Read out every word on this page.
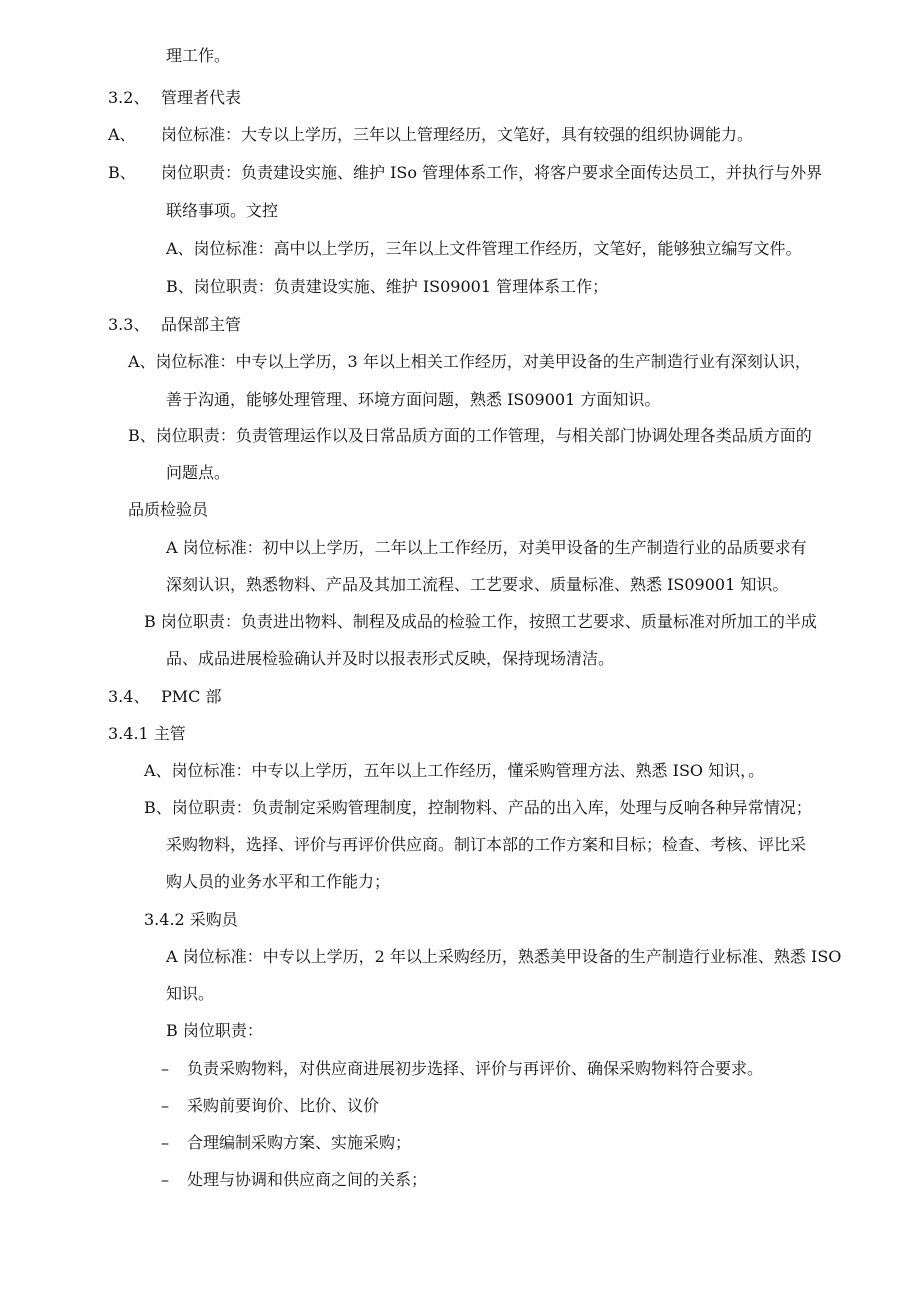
理工作。
3.2、 管理者代表
A、 岗位标准：大专以上学历，三年以上管理经历，文笔好，具有较强的组织协调能力。
B、 岗位职责：负责建设实施、维护 ISo 管理体系工作，将客户要求全面传达员工，并执行与外界
联络事项。文控
A、岗位标准：高中以上学历，三年以上文件管理工作经历，文笔好，能够独立编写文件。
B、岗位职责：负责建设实施、维护 IS09001 管理体系工作；
3.3、 品保部主管
A、岗位标准：中专以上学历，3 年以上相关工作经历，对美甲设备的生产制造行业有深刻认识，
善于沟通，能够处理管理、环境方面问题，熟悉 IS09001 方面知识。
B、岗位职责：负责管理运作以及日常品质方面的工作管理，与相关部门协调处理各类品质方面的
问题点。
品质检验员
A 岗位标准：初中以上学历，二年以上工作经历，对美甲设备的生产制造行业的品质要求有
深刻认识，熟悉物料、产品及其加工流程、工艺要求、质量标准、熟悉 IS09001 知识。
B 岗位职责：负责进出物料、制程及成品的检验工作，按照工艺要求、质量标准对所加工的半成
品、成品进展检验确认并及时以报表形式反映，保持现场清洁。
3.4、 PMC 部
3.4.1 主管
A、岗位标准：中专以上学历，五年以上工作经历，懂采购管理方法、熟悉 ISO 知识，。
B、岗位职责：负责制定采购管理制度，控制物料、产品的出入库，处理与反响各种异常情况；
采购物料，选择、评价与再评价供应商。制订本部的工作方案和目标；检查、考核、评比采
购人员的业务水平和工作能力；
3.4.2 采购员
A 岗位标准：中专以上学历，2 年以上采购经历，熟悉美甲设备的生产制造行业标准、熟悉 ISO
知识。
B 岗位职责：
– 负责采购物料，对供应商进展初步选择、评价与再评价、确保采购物料符合要求。
– 采购前要询价、比价、议价
– 合理编制采购方案、实施采购；
– 处理与协调和供应商之间的关系；
